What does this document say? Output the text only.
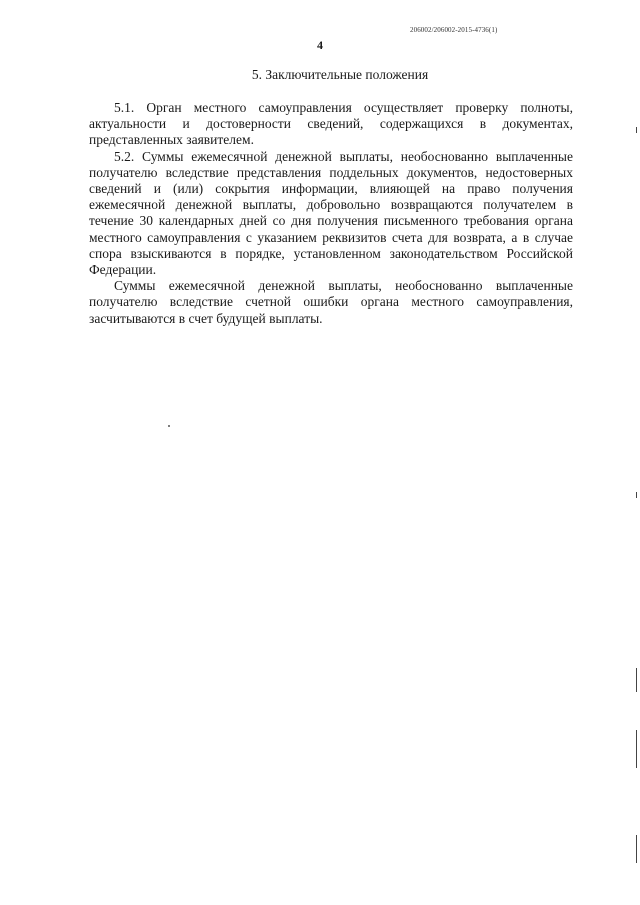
206002/206002-2015-4736(1)
4
5. Заключительные положения

5.1. Орган местного самоуправления осуществляет проверку полноты, актуальности и достоверности сведений, содержащихся в документах, представленных заявителем.

5.2. Суммы ежемесячной денежной выплаты, необоснованно выплаченные получателю вследствие представления поддельных документов, недостоверных сведений и (или) сокрытия информации, влияющей на право получения ежемесячной денежной выплаты, добровольно возвращаются получателем в течение 30 календарных дней со дня получения письменного требования органа местного самоуправления с указанием реквизитов счета для возврата, а в случае спора взыскиваются в порядке, установленном законодательством Российской Федерации.

Суммы ежемесячной денежной выплаты, необоснованно выплаченные получателю вследствие счетной ошибки органа местного самоуправления, засчитываются в счет будущей выплаты.
